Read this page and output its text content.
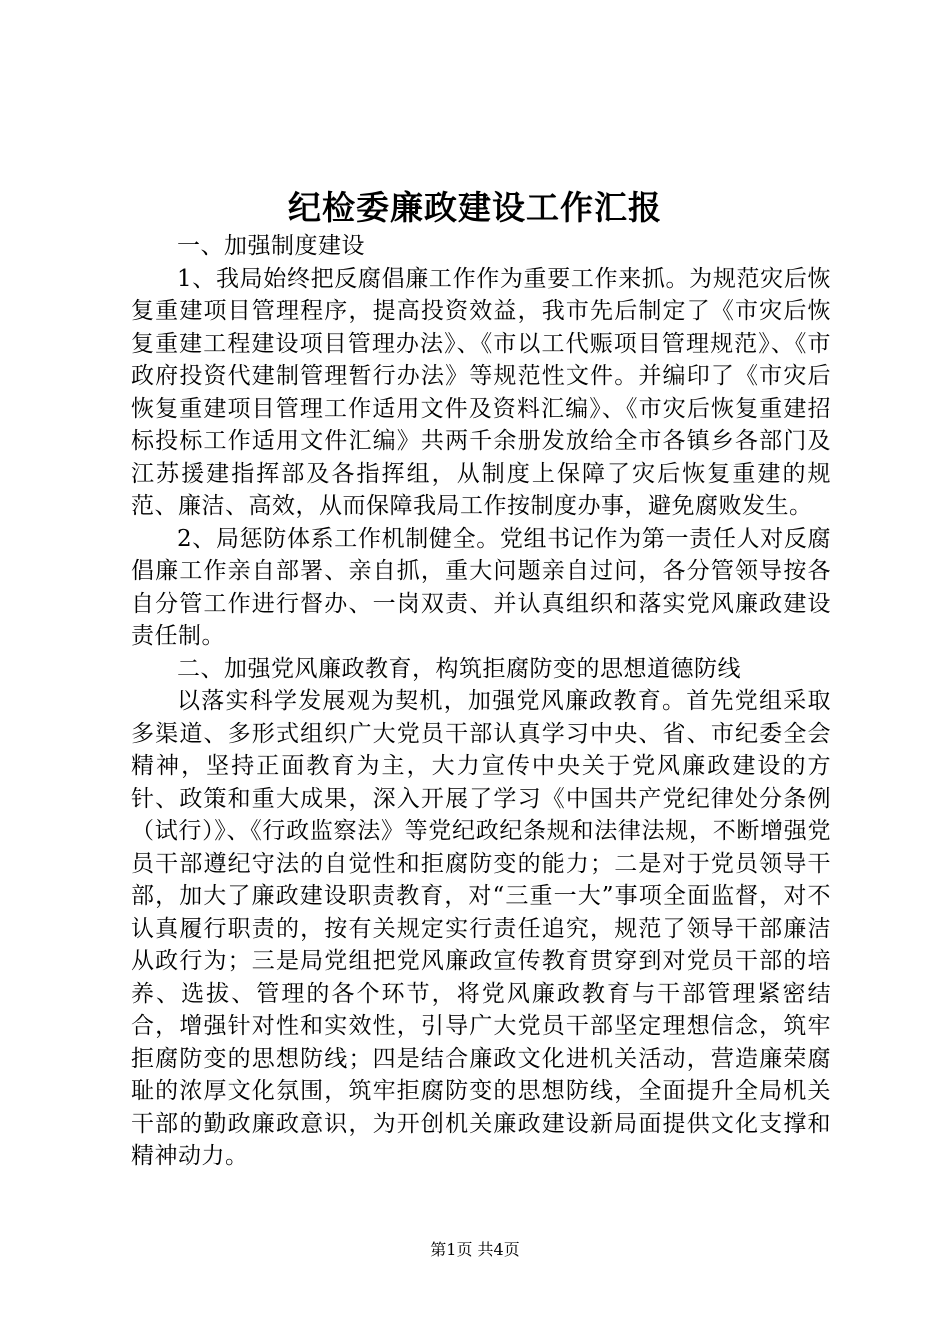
纪检委廉政建设工作汇报

一、加强制度建设

1、我局始终把反腐倡廉工作作为重要工作来抓。为规范灾后恢复重建项目管理程序，提高投资效益，我市先后制定了《市灾后恢复重建工程建设项目管理办法》、《市以工代赈项目管理规范》、《市政府投资代建制管理暂行办法》等规范性文件。并编印了《市灾后恢复重建项目管理工作适用文件及资料汇编》、《市灾后恢复重建招标投标工作适用文件汇编》共两千余册发放给全市各镇乡各部门及江苏援建指挥部及各指挥组，从制度上保障了灾后恢复重建的规范、廉洁、高效，从而保障我局工作按制度办事，避免腐败发生。

2、局惩防体系工作机制健全。党组书记作为第一责任人对反腐倡廉工作亲自部署、亲自抓，重大问题亲自过问，各分管领导按各自分管工作进行督办、一岗双责、并认真组织和落实党风廉政建设责任制。

二、加强党风廉政教育，构筑拒腐防变的思想道德防线

以落实科学发展观为契机，加强党风廉政教育。首先党组采取多渠道、多形式组织广大党员干部认真学习中央、省、市纪委全会精神，坚持正面教育为主，大力宣传中央关于党风廉政建设的方针、政策和重大成果，深入开展了学习《中国共产党纪律处分条例（试行）》、《行政监察法》等党纪政纪条规和法律法规，不断增强党员干部遵纪守法的自觉性和拒腐防变的能力；二是对于党员领导干部，加大了廉政建设职责教育，对“三重一大”事项全面监督，对不认真履行职责的，按有关规定实行责任追究，规范了领导干部廉洁从政行为；三是局党组把党风廉政宣传教育贯穿到对党员干部的培养、选拔、管理的各个环节，将党风廉政教育与干部管理紧密结合，增强针对性和实效性，引导广大党员干部坚定理想信念，筑牢拒腐防变的思想防线；四是结合廉政文化进机关活动，营造廉荣腐耻的浓厚文化氛围，筑牢拒腐防变的思想防线，全面提升全局机关干部的勤政廉政意识，为开创机关廉政建设新局面提供文化支撑和精神动力。

第1页 共4页
